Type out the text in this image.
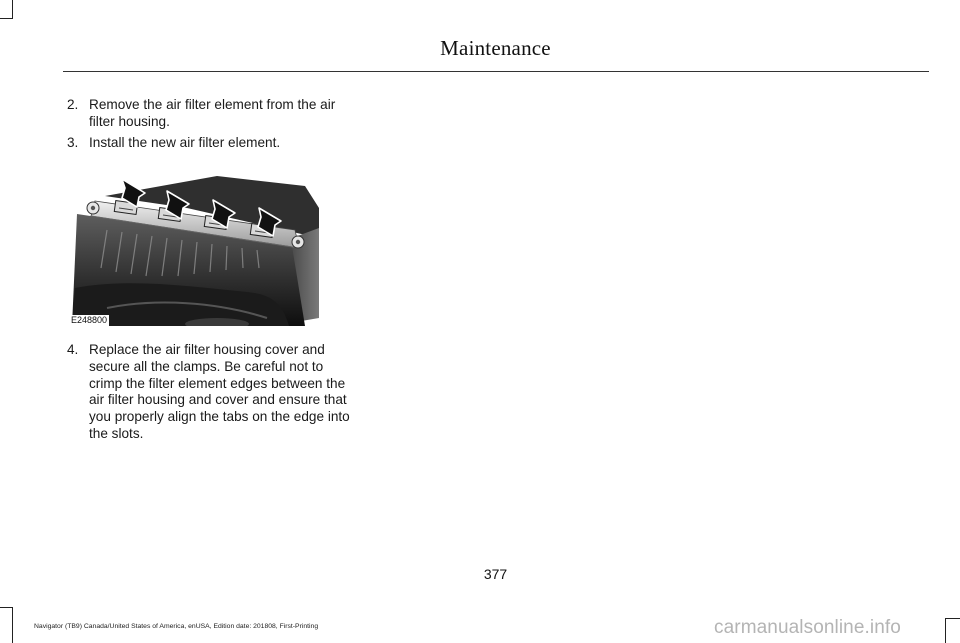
Maintenance
2. Remove the air filter element from the air filter housing.
3. Install the new air filter element.
E248800
4. Replace the air filter housing cover and secure all the clamps. Be careful not to crimp the filter element edges between the air filter housing and cover and ensure that you properly align the tabs on the edge into the slots.
377
Navigator (TB9) Canada/United States of America, enUSA, Edition date: 201808, First-Printing	carmanualsonline.info
